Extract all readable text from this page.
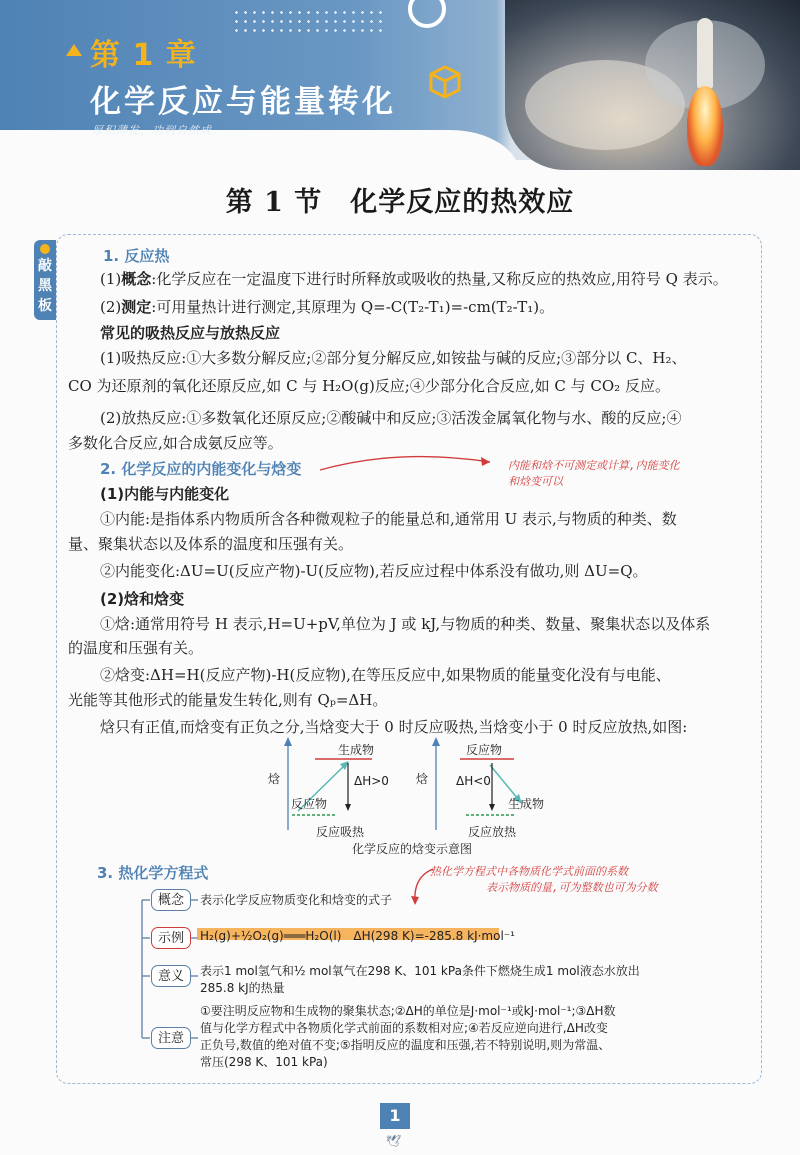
第 1 章
化学反应与能量转化
厚积薄发，功到自然成。
第 1 节　化学反应的热效应
敲
黑
板
1. 反应热
(1)概念:化学反应在一定温度下进行时所释放或吸收的热量,又称反应的热效应,用符号 Q 表示。
(2)测定:可用量热计进行测定,其原理为 Q=-C(T₂-T₁)=-cm(T₂-T₁)。
常见的吸热反应与放热反应
(1)吸热反应:①大多数分解反应;②部分复分解反应,如铵盐与碱的反应;③部分以 C、H₂、
CO 为还原剂的氧化还原反应,如 C 与 H₂O(g)反应;④少部分化合反应,如 C 与 CO₂ 反应。
(2)放热反应:①多数氧化还原反应;②酸碱中和反应;③活泼金属氧化物与水、酸的反应;④
多数化合反应,如合成氨反应等。
2. 化学反应的内能变化与焓变	内能和焓不可测定或计算,内能变化
和焓变可以
(1)内能与内能变化
①内能:是指体系内物质所含各种微观粒子的能量总和,通常用 U 表示,与物质的种类、数
量、聚集状态以及体系的温度和压强有关。
②内能变化:ΔU=U(反应产物)-U(反应物),若反应过程中体系没有做功,则 ΔU=Q。
(2)焓和焓变
①焓:通常用符号 H 表示,H=U+pV,单位为 J 或 kJ,与物质的种类、数量、聚集状态以及体系
的温度和压强有关。
②焓变:ΔH=H(反应产物)-H(反应物),在等压反应中,如果物质的能量变化没有与电能、
光能等其他形式的能量发生转化,则有 Qₚ=ΔH。
焓只有正值,而焓变有正负之分,当焓变大于 0 时反应吸热,当焓变小于 0 时反应放热,如图:
焓
生成物
反应物
ΔH>0
反应吸热
焓
反应物
生成物
ΔH<0
反应放热
化学反应的焓变示意图
3. 热化学方程式	热化学方程式中各物质化学式前面的系数
表示物质的量,可为整数也可为分数
概念	表示化学反应物质变化和焓变的式子
示例	H₂(g)+½O₂(g)═══H₂O(l)　ΔH(298 K)=-285.8 kJ·mol⁻¹
意义	表示1 mol氢气和½ mol氧气在298 K、101 kPa条件下燃烧生成1 mol液态水放出
285.8 kJ的热量
注意
①要注明反应物和生成物的聚集状态;②ΔH的单位是J·mol⁻¹或kJ·mol⁻¹;③ΔH数
值与化学方程式中各物质化学式前面的系数相对应;④若反应逆向进行,ΔH改变
正负号,数值的绝对值不变;⑤指明反应的温度和压强,若不特别说明,则为常温、
常压(298 K、101 kPa)
1
🕊
